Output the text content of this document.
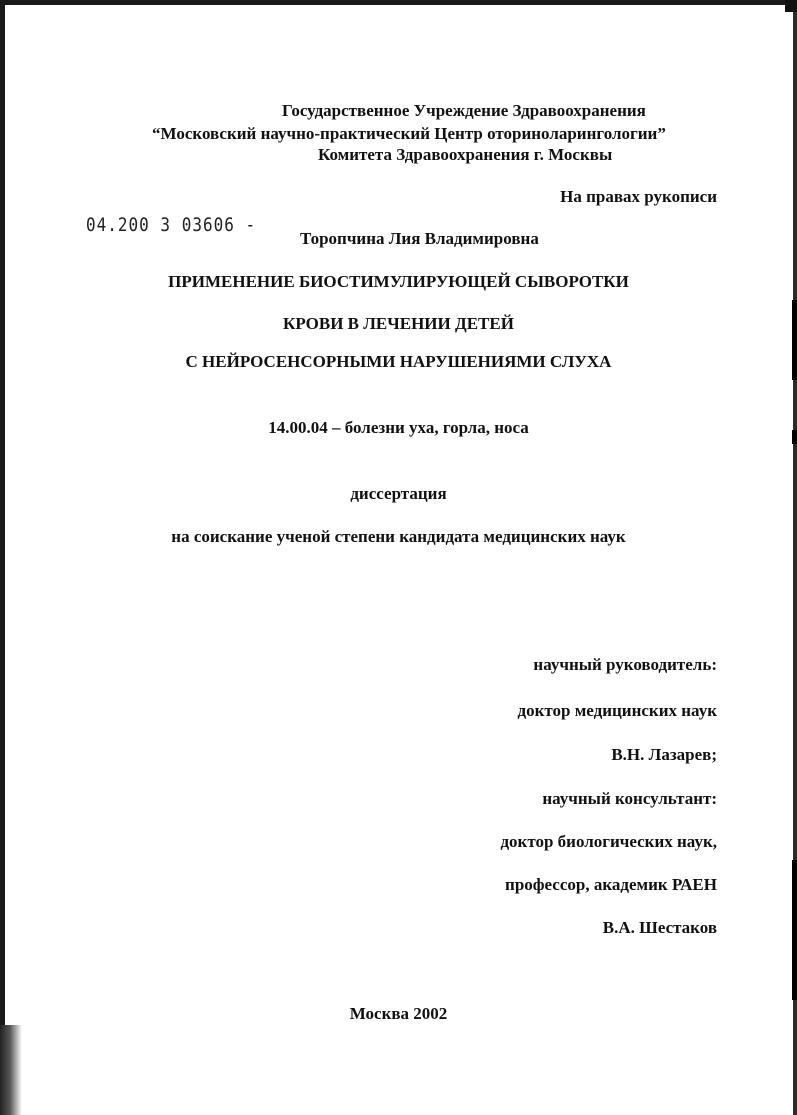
Государственное Учреждение Здравоохранения
“Московский научно-практический Центр оториноларингологии”
Комитета Здравоохранения г. Москвы
На правах рукописи
04.200 3 03606 -
Торопчина Лия Владимировна
ПРИМЕНЕНИЕ БИОСТИМУЛИРУЮЩЕЙ СЫВОРОТКИ
КРОВИ В ЛЕЧЕНИИ ДЕТЕЙ
С НЕЙРОСЕНСОРНЫМИ НАРУШЕНИЯМИ СЛУХА
14.00.04 – болезни уха, горла, носа
диссертация
на соискание ученой степени кандидата медицинских наук
научный руководитель:
доктор медицинских наук
В.Н. Лазарев;
научный консультант:
доктор биологических наук,
профессор, академик РАЕН
В.А. Шестаков
Москва 2002
